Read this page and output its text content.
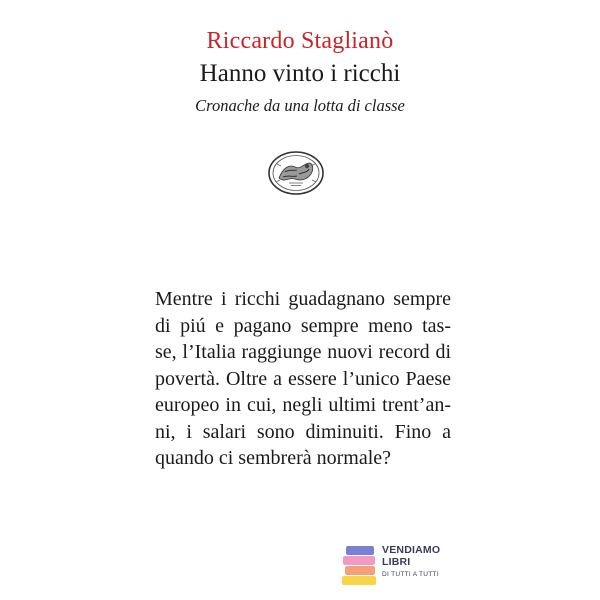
Riccardo Staglianò
Hanno vinto i ricchi
Cronache da una lotta di classe
Mentre i ricchi guadagnano sempre
di piú e pagano sempre meno tas-
se, l’Italia raggiunge nuovi record di
povertà. Oltre a essere l’unico Paese
europeo in cui, negli ultimi trent’an-
ni, i salari sono diminuiti. Fino a
quando ci sembrerà normale?
VENDIAMO
LIBRI
DI TUTTI A TUTTI
